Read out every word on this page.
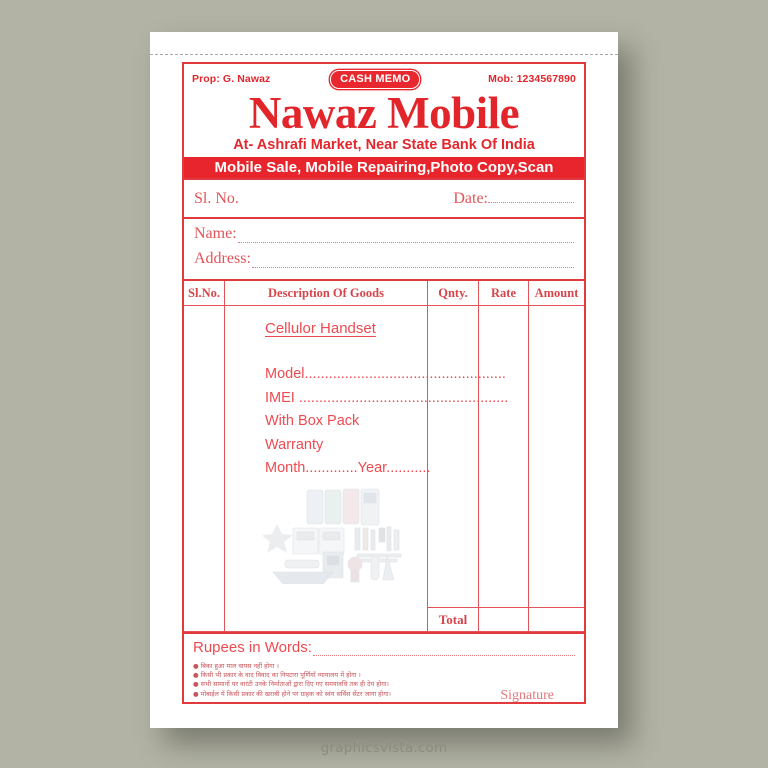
Prop: G. Nawaz	CASH MEMO	Mob: 1234567890
Nawaz Mobile
At- Ashrafi Market, Near State Bank Of India
Mobile Sale, Mobile Repairing,Photo Copy,Scan
Sl. No.	Date:
Name:
Address:
Sl.No.	Description Of Goods	Qnty.	Rate	Amount

Cellulor Handset
Model..................................................
IMEI ....................................................
With Box Pack
Warranty
Month.............Year...........

		Total		
Rupees in Words:
● बिका हुआ माल वापस नहीं होगा ।
● किसी भी प्रकार के वाद विवाद का निपटारा पूर्णियाँ न्यायालय में होगा ।
● सभी सामानों पर वारंटी उनके निर्माताओं द्वारा दिए गए समयावधि तक ही देय होगा।
● मोबाईल में किसी प्रकार की खराबी होने पर ग्राहक को स्वंय सर्विस सेंटर जाना होगा।	Signature
graphicsvista.com
